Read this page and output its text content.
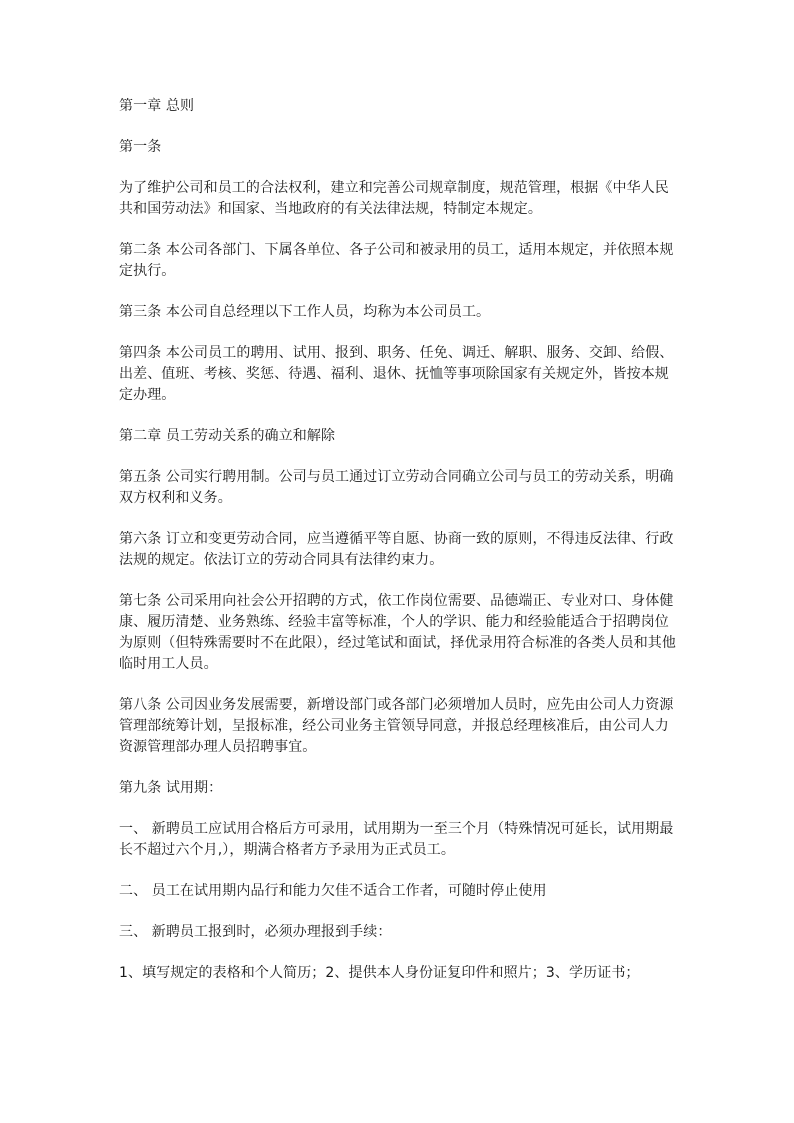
第一章 总则

第一条

为了维护公司和员工的合法权利，建立和完善公司规章制度，规范管理，根据《中华人民共和国劳动法》和国家、当地政府的有关法律法规，特制定本规定。

第二条 本公司各部门、下属各单位、各子公司和被录用的员工，适用本规定，并依照本规定执行。

第三条 本公司自总经理以下工作人员，均称为本公司员工。

第四条 本公司员工的聘用、试用、报到、职务、任免、调迁、解职、服务、交卸、给假、出差、值班、考核、奖惩、待遇、福利、退休、抚恤等事项除国家有关规定外，皆按本规定办理。

第二章 员工劳动关系的确立和解除

第五条 公司实行聘用制。公司与员工通过订立劳动合同确立公司与员工的劳动关系，明确双方权利和义务。

第六条 订立和变更劳动合同，应当遵循平等自愿、协商一致的原则，不得违反法律、行政法规的规定。依法订立的劳动合同具有法律约束力。

第七条 公司采用向社会公开招聘的方式，依工作岗位需要、品德端正、专业对口、身体健康、履历清楚、业务熟练、经验丰富等标准，个人的学识、能力和经验能适合于招聘岗位为原则（但特殊需要时不在此限），经过笔试和面试，择优录用符合标准的各类人员和其他临时用工人员。

第八条 公司因业务发展需要，新增设部门或各部门必须增加人员时，应先由公司人力资源管理部统筹计划，呈报标准，经公司业务主管领导同意，并报总经理核准后，由公司人力资源管理部办理人员招聘事宜。

第九条 试用期：

一、 新聘员工应试用合格后方可录用，试用期为一至三个月（特殊情况可延长，试用期最长不超过六个月,），期满合格者方予录用为正式员工。

二、 员工在试用期内品行和能力欠佳不适合工作者，可随时停止使用

三、 新聘员工报到时，必须办理报到手续：

1、填写规定的表格和个人简历；2、提供本人身份证复印件和照片；3、学历证书；
